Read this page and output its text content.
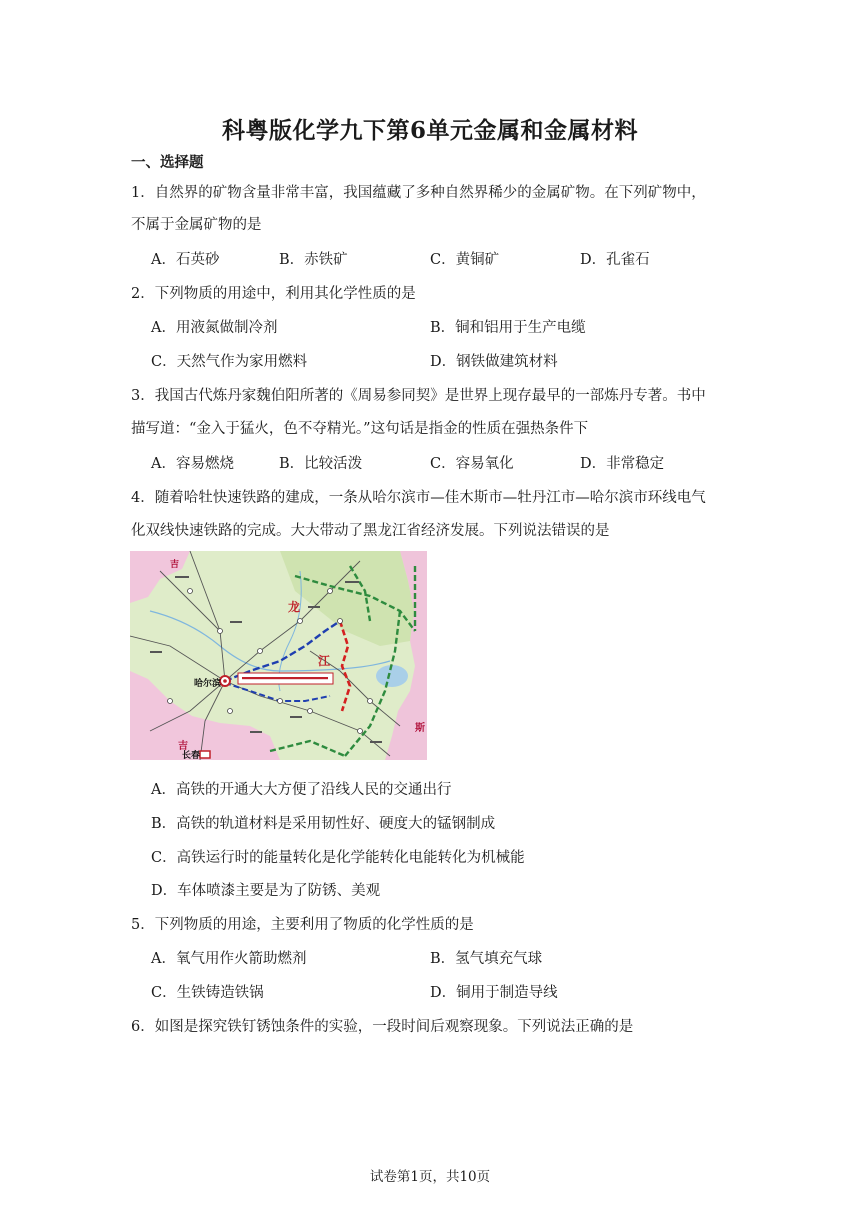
科粤版化学九下第6单元金属和金属材料
一、选择题
1．自然界的矿物含量非常丰富，我国蕴藏了多种自然界稀少的金属矿物。在下列矿物中，
不属于金属矿物的是
A．石英砂	B．赤铁矿	C．黄铜矿	D．孔雀石
2．下列物质的用途中，利用其化学性质的是
A．用液氮做制冷剂	B．铜和铝用于生产电缆
C．天然气作为家用燃料	D．钢铁做建筑材料
3．我国古代炼丹家魏伯阳所著的《周易参同契》是世界上现存最早的一部炼丹专著。书中
描写道：“金入于猛火，色不夺精光。”这句话是指金的性质在强热条件下
A．容易燃烧	B．比较活泼	C．容易氧化	D．非常稳定
4．随着哈牡快速铁路的建成，一条从哈尔滨市—佳木斯市—牡丹江市—哈尔滨市环线电气
化双线快速铁路的完成。大大带动了黑龙江省经济发展。下列说法错误的是
吉
江
龙
吉
斯
哈尔滨
长春
A．高铁的开通大大方便了沿线人民的交通出行
B．高铁的轨道材料是采用韧性好、硬度大的锰钢制成
C．高铁运行时的能量转化是化学能转化电能转化为机械能
D．车体喷漆主要是为了防锈、美观
5．下列物质的用途，主要利用了物质的化学性质的是
A．氧气用作火箭助燃剂	B．氢气填充气球
C．生铁铸造铁锅	D．铜用于制造导线
6．如图是探究铁钉锈蚀条件的实验，一段时间后观察现象。下列说法正确的是
试卷第1页，共10页
